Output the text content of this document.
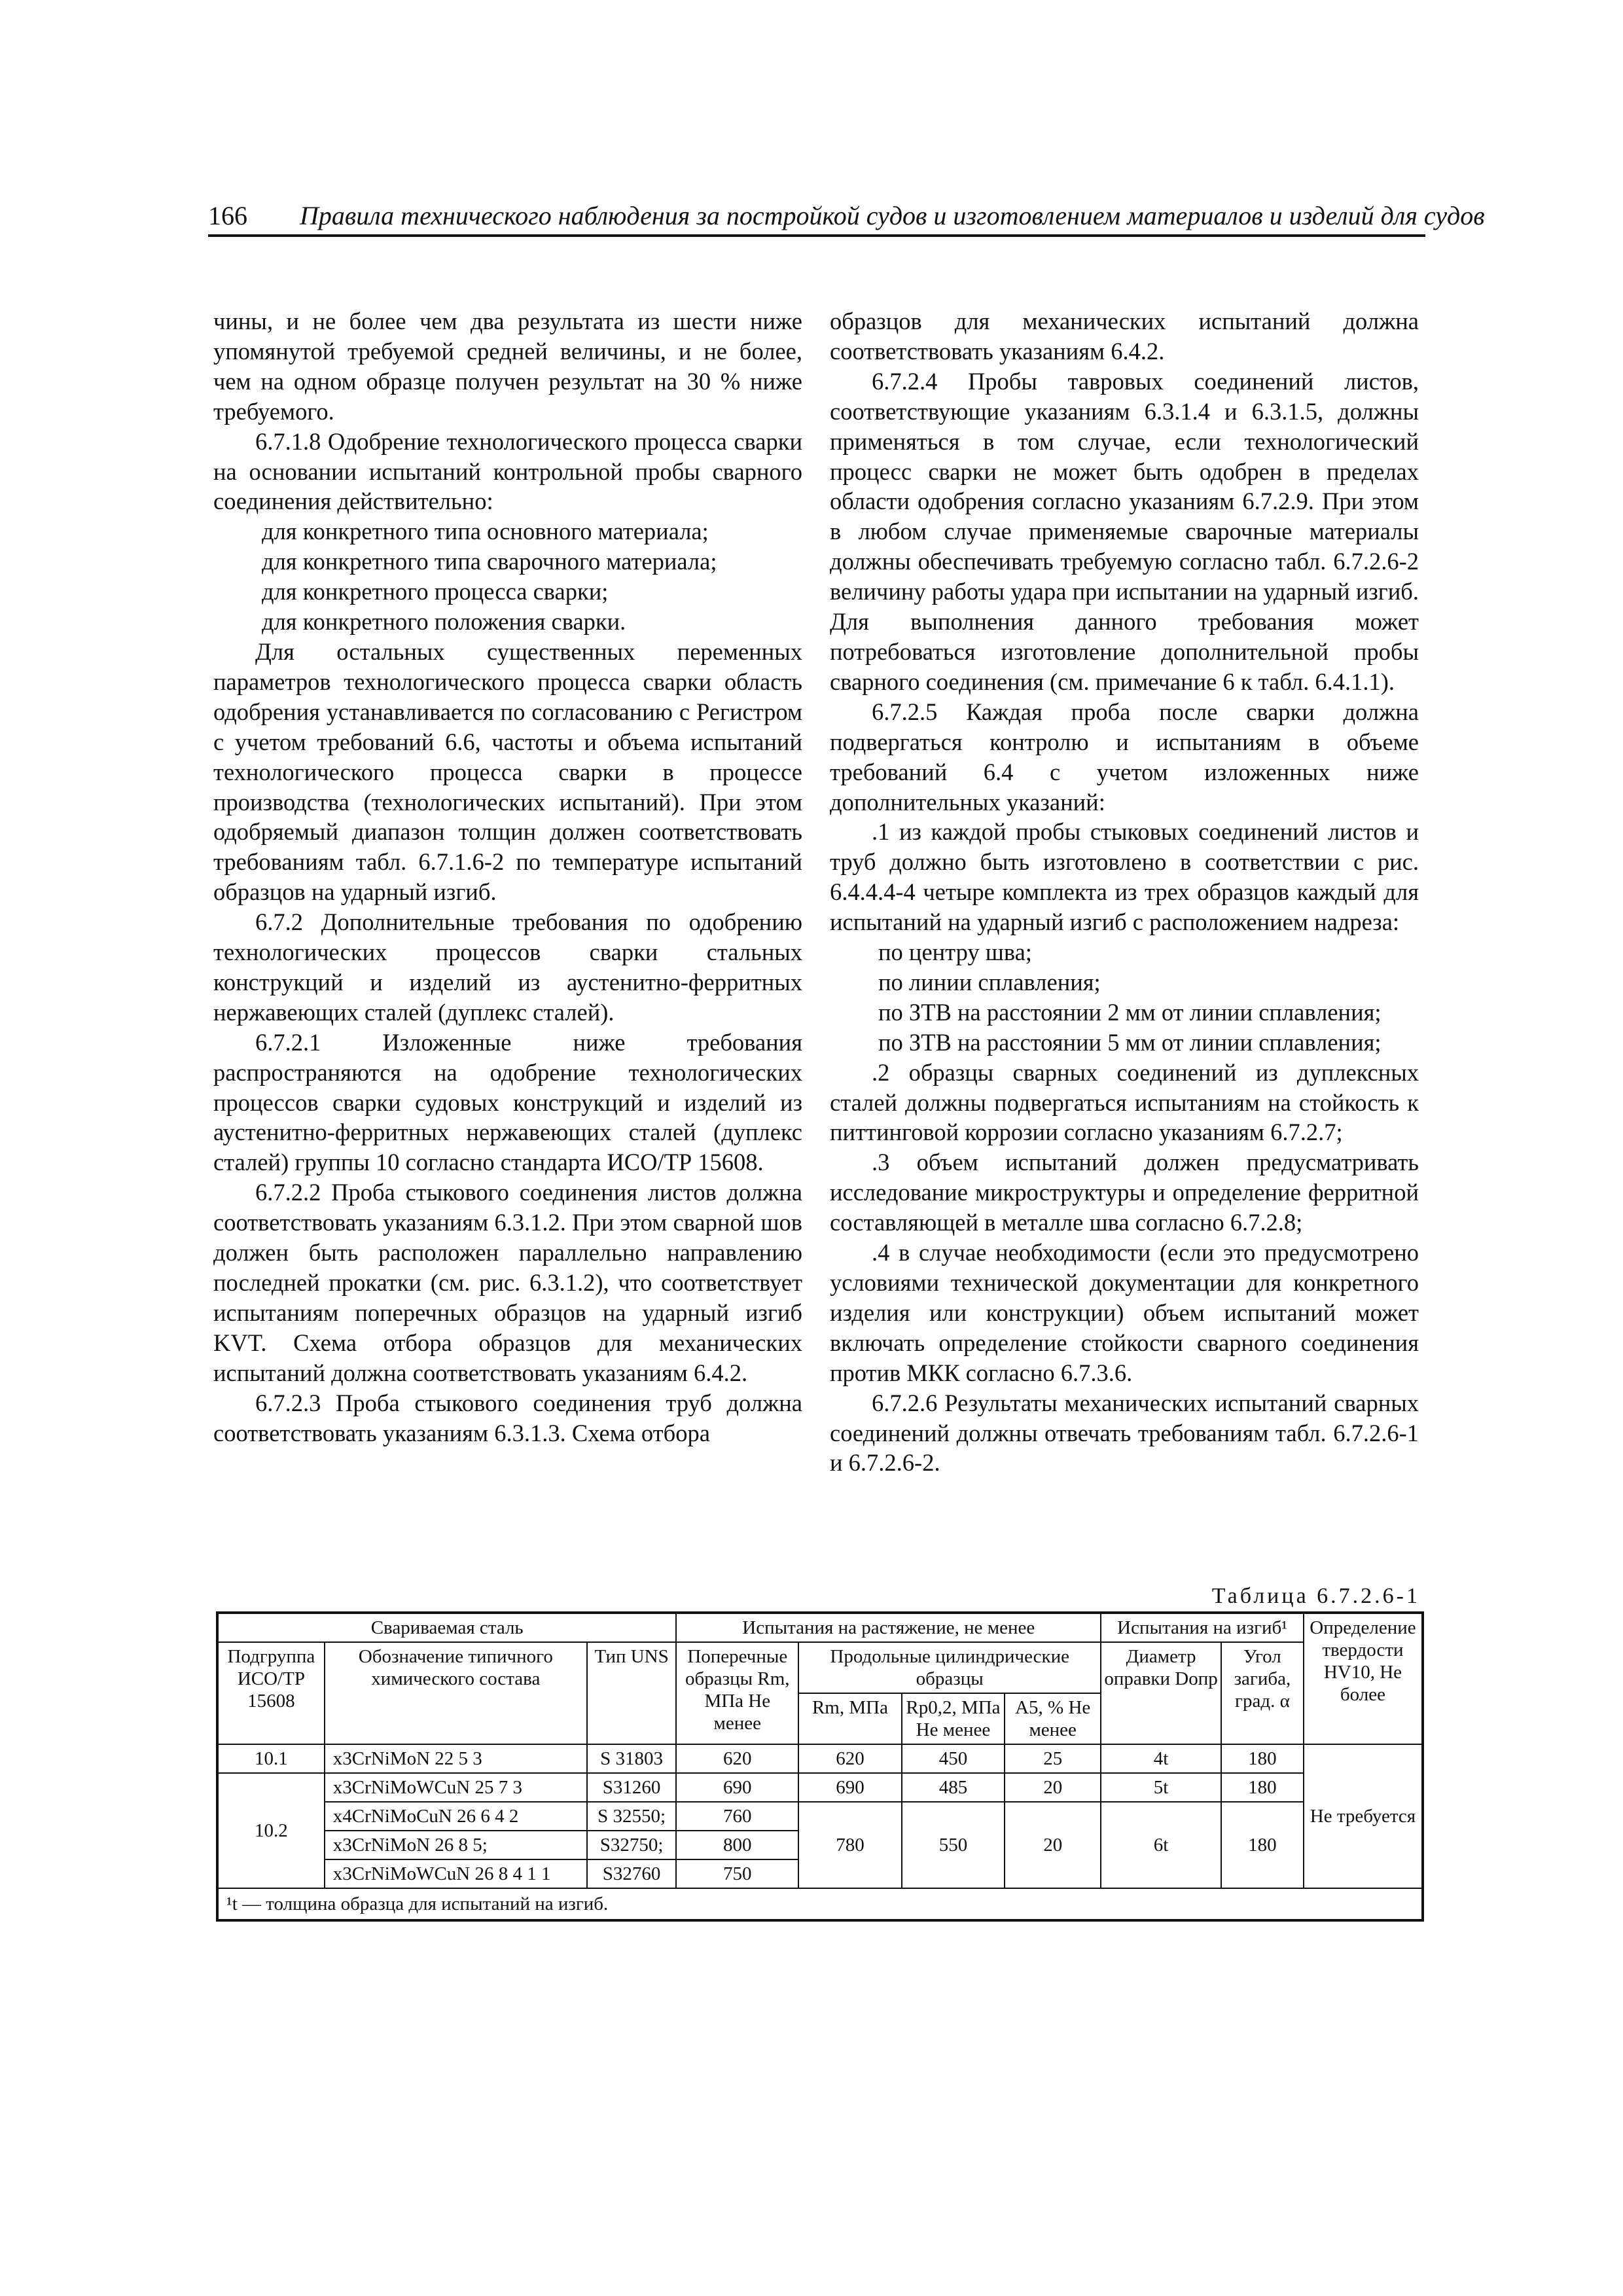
166 Правила технического наблюдения за постройкой судов и изготовлением материалов и изделий для судов

чины, и не более чем два результата из шести ниже упомянутой требуемой средней величины, и не более, чем на одном образце получен результат на 30 % ниже требуемого.

6.7.1.8 Одобрение технологического процесса сварки на основании испытаний контрольной пробы сварного соединения действительно:

для конкретного типа основного материала;

для конкретного типа сварочного материала;

для конкретного процесса сварки;

для конкретного положения сварки.

Для остальных существенных переменных параметров технологического процесса сварки область одобрения устанавливается по согласованию с Регистром с учетом требований 6.6, частоты и объема испытаний технологического процесса сварки в процессе производства (технологических испытаний). При этом одобряемый диапазон толщин должен соответствовать требованиям табл. 6.7.1.6-2 по температуре испытаний образцов на ударный изгиб.

6.7.2 Дополнительные требования по одобрению технологических процессов сварки стальных конструкций и изделий из аустенитно-ферритных нержавеющих сталей (дуплекс сталей).

6.7.2.1 Изложенные ниже требования распространяются на одобрение технологических процессов сварки судовых конструкций и изделий из аустенитно-ферритных нержавеющих сталей (дуплекс сталей) группы 10 согласно стандарта ИСО/ТР 15608.

6.7.2.2 Проба стыкового соединения листов должна соответствовать указаниям 6.3.1.2. При этом сварной шов должен быть расположен параллельно направлению последней прокатки (см. рис. 6.3.1.2), что соответствует испытаниям поперечных образцов на ударный изгиб KVT. Схема отбора образцов для механических испытаний должна соответствовать указаниям 6.4.2.

6.7.2.3 Проба стыкового соединения труб должна соответствовать указаниям 6.3.1.3. Схема отбора

образцов для механических испытаний должна соответствовать указаниям 6.4.2.

6.7.2.4 Пробы тавровых соединений листов, соответствующие указаниям 6.3.1.4 и 6.3.1.5, должны применяться в том случае, если технологический процесс сварки не может быть одобрен в пределах области одобрения согласно указаниям 6.7.2.9. При этом в любом случае применяемые сварочные материалы должны обеспечивать требуемую согласно табл. 6.7.2.6-2 величину работы удара при испытании на ударный изгиб. Для выполнения данного требования может потребоваться изготовление дополнительной пробы сварного соединения (см. примечание 6 к табл. 6.4.1.1).

6.7.2.5 Каждая проба после сварки должна подвергаться контролю и испытаниям в объеме требований 6.4 с учетом изложенных ниже дополнительных указаний:

.1 из каждой пробы стыковых соединений листов и труб должно быть изготовлено в соответствии с рис. 6.4.4.4-4 четыре комплекта из трех образцов каждый для испытаний на ударный изгиб с расположением надреза:

по центру шва;

по линии сплавления;

по ЗТВ на расстоянии 2 мм от линии сплавления;

по ЗТВ на расстоянии 5 мм от линии сплавления;

.2 образцы сварных соединений из дуплексных сталей должны подвергаться испытаниям на стойкость к питтинговой коррозии согласно указаниям 6.7.2.7;

.3 объем испытаний должен предусматривать исследование микроструктуры и определение ферритной составляющей в металле шва согласно 6.7.2.8;

.4 в случае необходимости (если это предусмотрено условиями технической документации для конкретного изделия или конструкции) объем испытаний может включать определение стойкости сварного соединения против МКК согласно 6.7.3.6.

6.7.2.6 Результаты механических испытаний сварных соединений должны отвечать требованиям табл. 6.7.2.6-1 и 6.7.2.6-2.

Таблица 6.7.2.6-1
Свариваемая сталь			Испытания на растяжение, не менее				Испытания на изгиб¹		Определение твердости HV10, Не более
Подгруппа ИСО/ТР 15608	Обозначение типичного химического состава	Тип UNS	Поперечные образцы Rm, МПа Не менее	Продольные цилиндрические образцы			Диаметр оправки Dопр	Угол загиба, град. α	
				Rm, МПа	Rp0,2, МПа Не менее	A5, % Не менее			
10.1	x3CrNiMoN 22 5 3	S 31803	620	620	450	25	4t	180	Не требуется
10.2	x3CrNiMoWCuN 25 7 3	S31260	690	690	485	20	5t	180	
	x4CrNiMoCuN 26 6 4 2	S 32550;	760	780	550	20	6t	180	
	x3CrNiMoN 26 8 5;	S32750;	800						
	x3CrNiMoWCuN 26 8 4 1 1	S32760	750						
¹t — толщина образца для испытаний на изгиб.									
